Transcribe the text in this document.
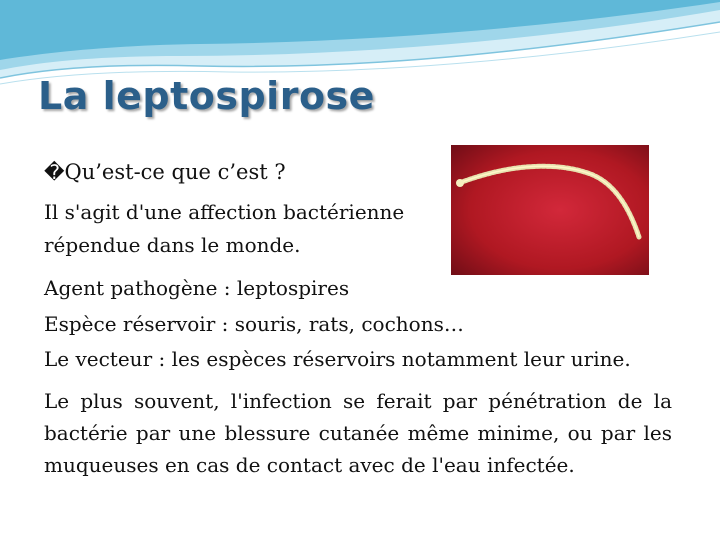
La leptospirose
�Qu’est-ce que c’est ?
Il s'agit d'une affection bactérienne
répendue dans le monde.
Agent pathogène : leptospires
Espèce réservoir : souris, rats, cochons…
Le vecteur : les espèces réservoirs notamment leur urine.

Le plus souvent, l'infection se ferait par pénétration de la bactérie par une blessure cutanée même minime, ou par les muqueuses en cas de contact avec de l'eau infectée.
